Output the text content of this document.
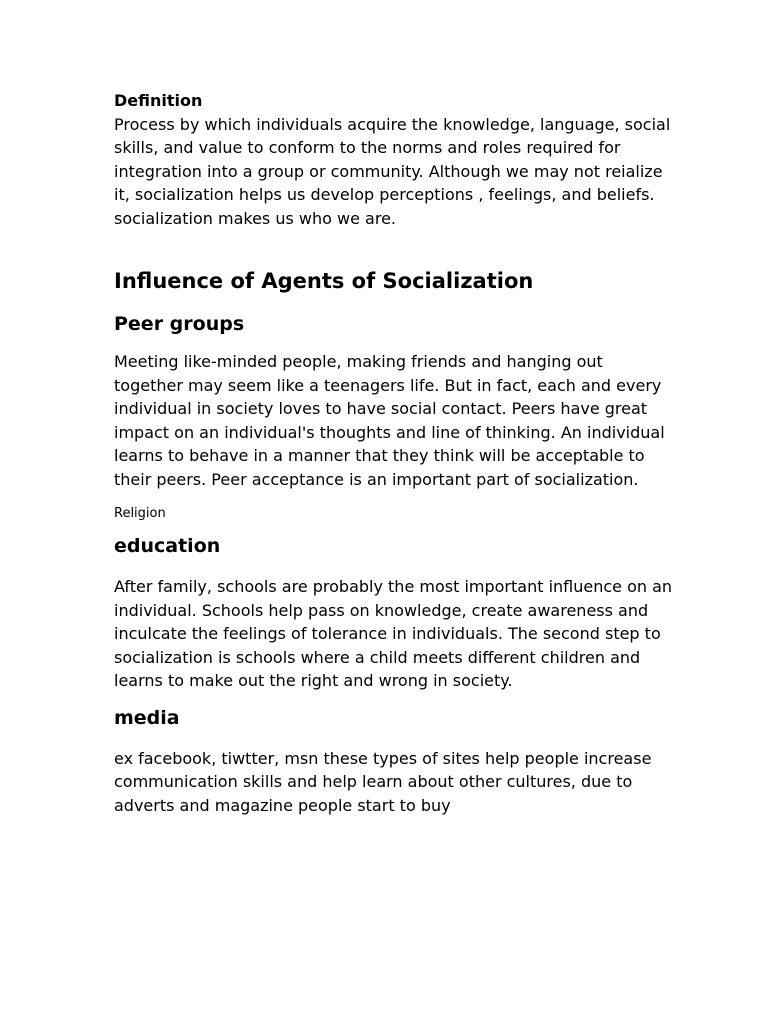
Definition

Process by which individuals acquire the knowledge, language, social skills, and value to conform to the norms and roles required for integration into a group or community. Although we may not reialize it, socialization helps us develop perceptions , feelings, and beliefs. socialization makes us who we are.

Influence of Agents of Socialization

Peer groups

Meeting like-minded people, making friends and hanging out together may seem like a teenagers life. But in fact, each and every individual in society loves to have social contact. Peers have great impact on an individual's thoughts and line of thinking. An individual learns to behave in a manner that they think will be acceptable to their peers. Peer acceptance is an important part of socialization.

Religion

education

After family, schools are probably the most important influence on an individual. Schools help pass on knowledge, create awareness and inculcate the feelings of tolerance in individuals. The second step to socialization is schools where a child meets different children and learns to make out the right and wrong in society.

media

ex facebook, tiwtter, msn these types of sites help people increase communication skills and help learn about other cultures, due to adverts and magazine people start to buy
